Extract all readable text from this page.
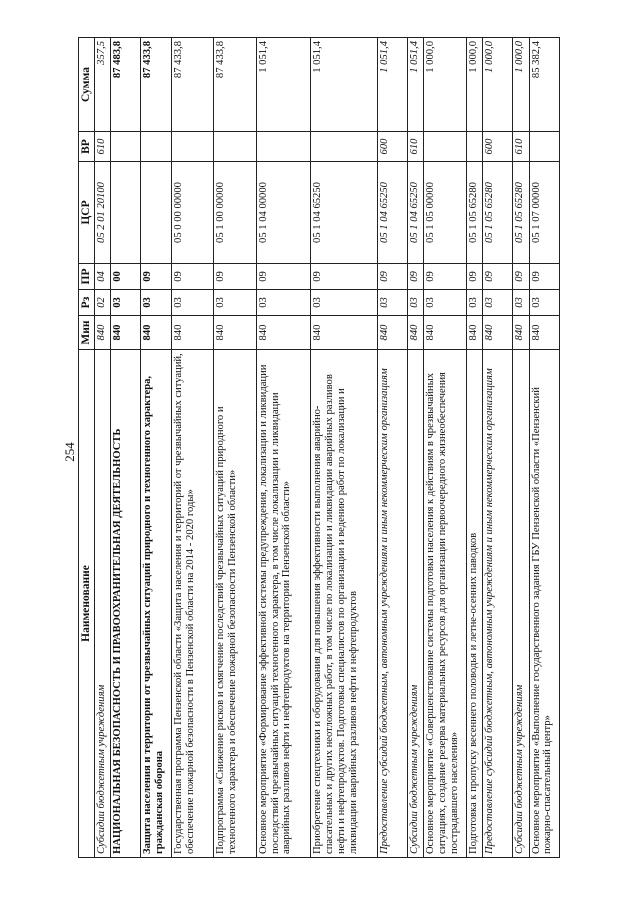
254
Наименование	Мин	Рз	ПР	ЦСР	ВР	Сумма
Субсидии бюджетным учреждениям	840	02	04	05 2 01 20100	610	357,5
НАЦИОНАЛЬНАЯ БЕЗОПАСНОСТЬ И ПРАВООХРАНИТЕЛЬНАЯ ДЕЯТЕЛЬНОСТЬ	840	03	00			87 483,8
Защита населения и территории от чрезвычайных ситуаций природного и техногенного характера, гражданская оборона	840	03	09			87 433,8
Государственная программа Пензенской области «Защита населения и территорий от чрезвычайных ситуаций, обеспечение пожарной безопасности в Пензенской области на 2014 - 2020 годы»	840	03	09	05 0 00 00000		87 433,8
Подпрограмма «Снижение рисков и смягчение последствий чрезвычайных ситуаций природного и техногенного характера и обеспечение пожарной безопасности Пензенской области»	840	03	09	05 1 00 00000		87 433,8
Основное мероприятие «Формирование эффективной системы предупреждения, локализации и ликвидации последствий чрезвычайных ситуаций техногенного характера, в том числе локализации и ликвидации аварийных разливов нефти и нефтепродуктов на территории Пензенской области»	840	03	09	05 1 04 00000		1 051,4
Приобретение спецтехники и оборудования для повышения эффективности выполнения аварийно-спасательных и других неотложных работ, в том числе по локализации и ликвидации аварийных разливов нефти и нефтепродуктов. Подготовка специалистов по организации и ведению работ по локализации и ликвидации аварийных разливов нефти и нефтепродуктов	840	03	09	05 1 04 65250		1 051,4
Предоставление субсидий бюджетным, автономным учреждениям и иным некоммерческим организациям	840	03	09	05 1 04 65250	600	1 051,4
Субсидии бюджетным учреждениям	840	03	09	05 1 04 65250	610	1 051,4
Основное мероприятие «Совершенствование системы подготовки населения к действиям в чрезвычайных ситуациях, создание резерва материальных ресурсов для организации первоочередного жизнеобеспечения пострадавшего населения»	840	03	09	05 1 05 00000		1 000,0
Подготовка к пропуску весеннего половодья и летне-осенних паводков	840	03	09	05 1 05 65280		1 000,0
Предоставление субсидий бюджетным, автономным учреждениям и иным некоммерческим организациям	840	03	09	05 1 05 65280	600	1 000,0
Субсидии бюджетным учреждениям	840	03	09	05 1 05 65280	610	1 000,0
Основное мероприятие «Выполнение государственного задания ГБУ Пензенской области «Пензенский пожарно-спасательный центр»	840	03	09	05 1 07 00000		85 382,4
